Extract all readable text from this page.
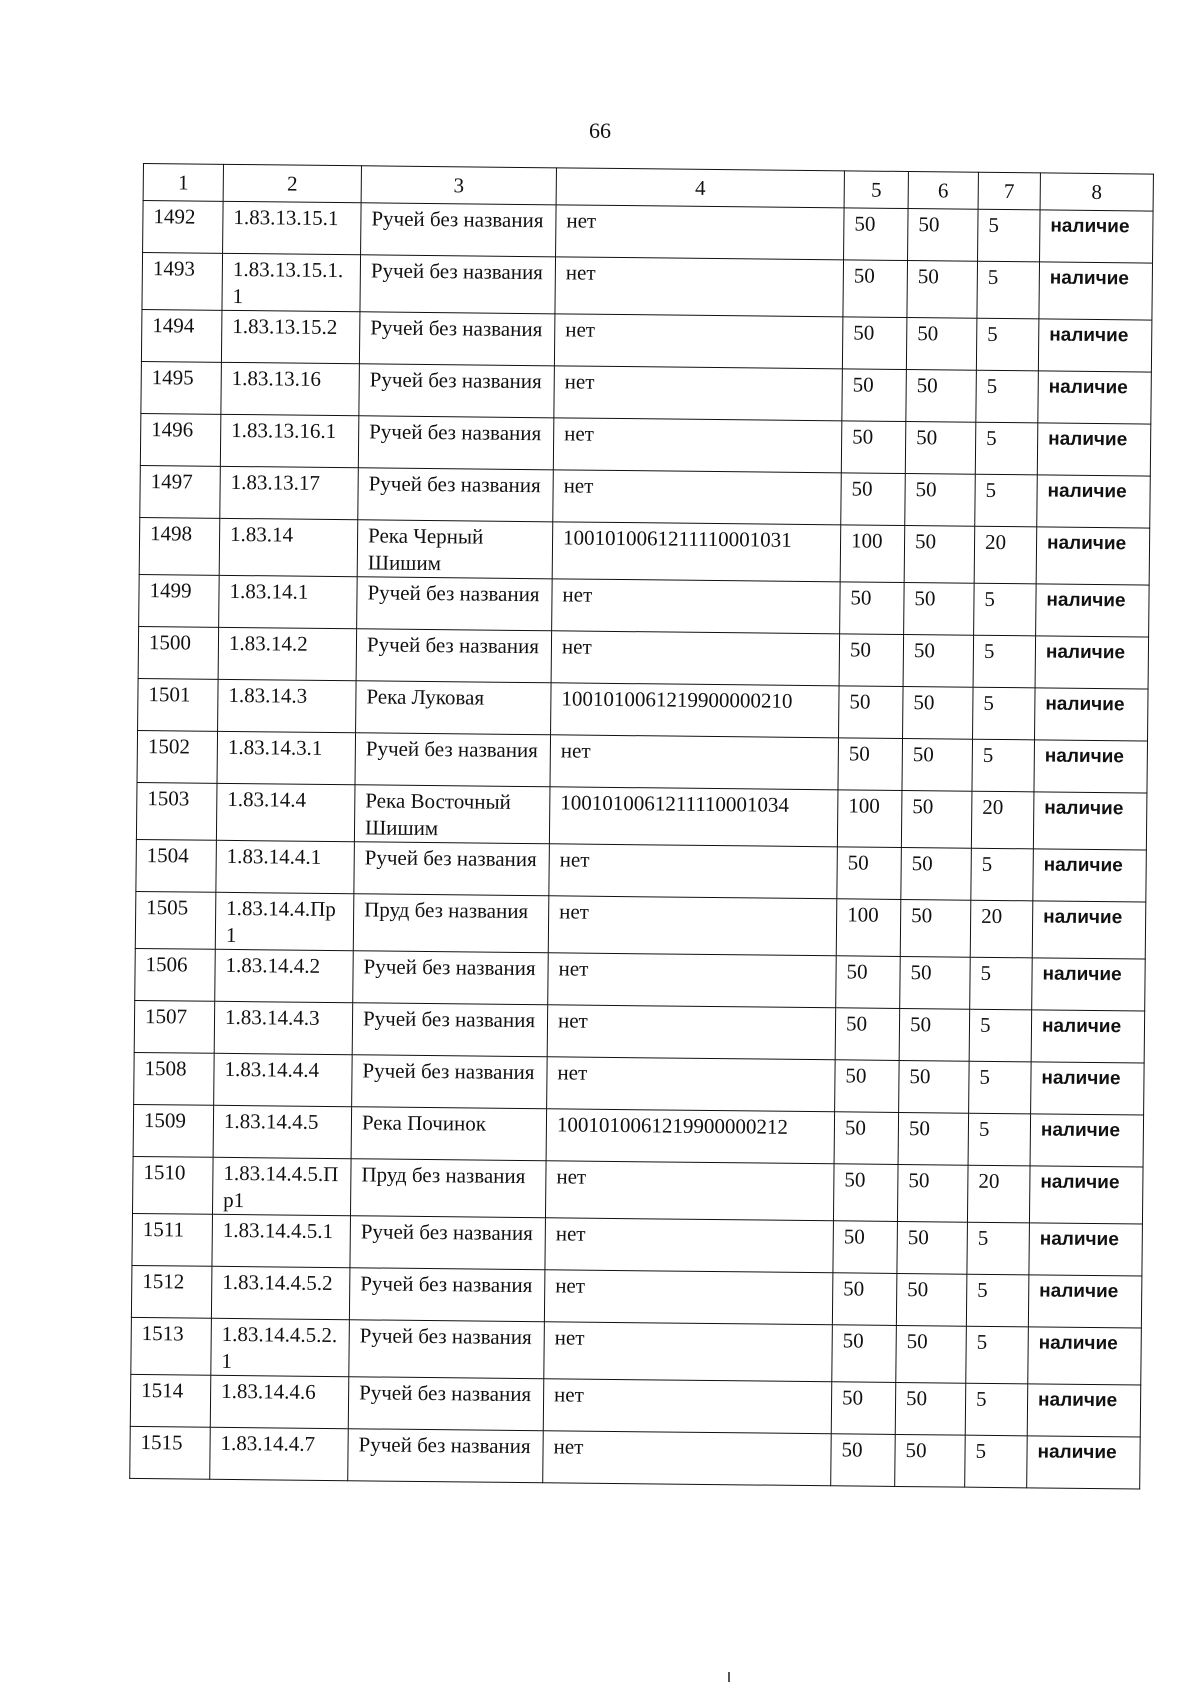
66
1	2	3	4	5	6	7	8
1492	1.83.13.15.1	Ручей без названия	нет	50	50	5	наличие
1493	1.83.13.15.1.1	Ручей без названия	нет	50	50	5	наличие
1494	1.83.13.15.2	Ручей без названия	нет	50	50	5	наличие
1495	1.83.13.16	Ручей без названия	нет	50	50	5	наличие
1496	1.83.13.16.1	Ручей без названия	нет	50	50	5	наличие
1497	1.83.13.17	Ручей без названия	нет	50	50	5	наличие
1498	1.83.14	Река Черный Шишим	1001010061211110001031	100	50	20	наличие
1499	1.83.14.1	Ручей без названия	нет	50	50	5	наличие
1500	1.83.14.2	Ручей без названия	нет	50	50	5	наличие
1501	1.83.14.3	Река Луковая	1001010061219900000210	50	50	5	наличие
1502	1.83.14.3.1	Ручей без названия	нет	50	50	5	наличие
1503	1.83.14.4	Река Восточный Шишим	1001010061211110001034	100	50	20	наличие
1504	1.83.14.4.1	Ручей без названия	нет	50	50	5	наличие
1505	1.83.14.4.Пр1	Пруд без названия	нет	100	50	20	наличие
1506	1.83.14.4.2	Ручей без названия	нет	50	50	5	наличие
1507	1.83.14.4.3	Ручей без названия	нет	50	50	5	наличие
1508	1.83.14.4.4	Ручей без названия	нет	50	50	5	наличие
1509	1.83.14.4.5	Река Починок	1001010061219900000212	50	50	5	наличие
1510	1.83.14.4.5.Пр1	Пруд без названия	нет	50	50	20	наличие
1511	1.83.14.4.5.1	Ручей без названия	нет	50	50	5	наличие
1512	1.83.14.4.5.2	Ручей без названия	нет	50	50	5	наличие
1513	1.83.14.4.5.2.1	Ручей без названия	нет	50	50	5	наличие
1514	1.83.14.4.6	Ручей без названия	нет	50	50	5	наличие
1515	1.83.14.4.7	Ручей без названия	нет	50	50	5	наличие
